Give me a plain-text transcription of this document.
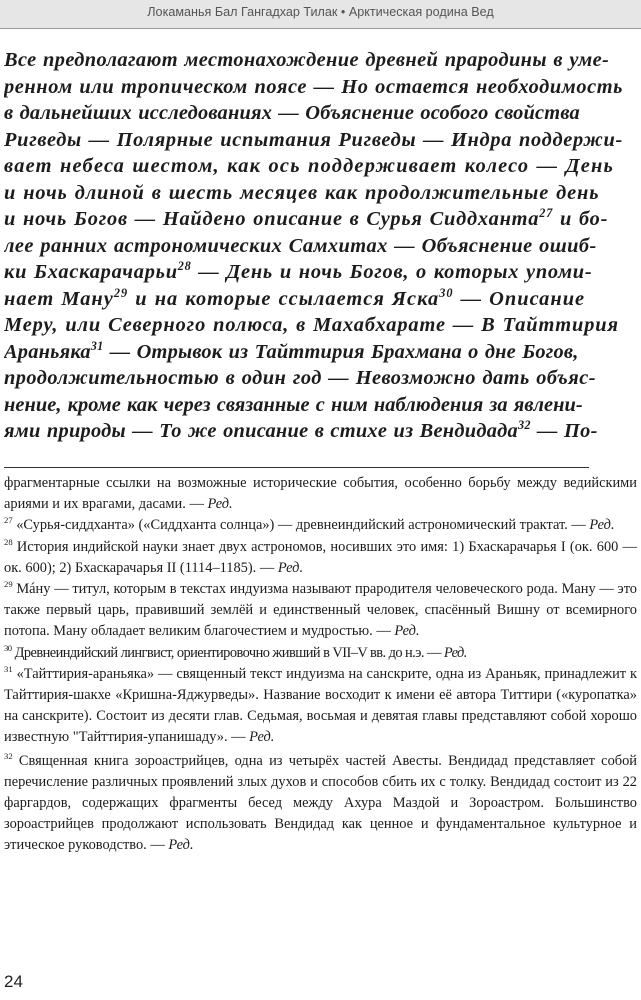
Локаманья Бал Гангадхар Тилак • Арктическая родина Вед
Все предполагают местонахождение древней прародины в уме-
ренном или тропическом поясе — Но остается необходимость
в дальнейших исследованиях — Объяснение особого свойства
Ригведы — Полярные испытания Ригведы — Индра поддержи-
вает небеса шестом, как ось поддерживает колесо — День
и ночь длиной в шесть месяцев как продолжительные день
и ночь Богов — Найдено описание в Сурья Сиддханта$^{27}$ и бо-
лее ранних астрономических Самхитах — Объяснение ошиб-
ки Бхаскарачарьи$^{28}$ — День и ночь Богов, о которых упоми-
нает Ману$^{29}$ и на которые ссылается Яска$^{30}$ — Описание
Меру, или Северного полюса, в Махабхарате — В Тайттирия
Араньяка$^{31}$ — Отрывок из Тайттирия Брахмана о дне Богов,
продолжительностью в один год — Невозможно дать объяс-
нение, кроме как через связанные с ним наблюдения за явлени-
ями природы — То же описание в стихе из Вендидада$^{32}$ — По-
фрагментарные ссылки на возможные исторические события, особенно борьбу между ведийскими ариями и их врагами, дасами. — Ред.
$^{27}$ «Сурья-сиддханта» («Сиддханта солнца») — древнеиндийский астрономический трактат. — Ред.
$^{28}$ История индийской науки знает двух астрономов, носивших это имя: 1) Бхаскарачарья I (ок. 600 — ок. 600); 2) Бхаскарачарья II (1114–1185). — Ред.
$^{29}$ Мáну — титул, которым в текстах индуизма называют прародителя человеческого рода. Ману — это также первый царь, правивший землёй и единственный человек, спасённый Вишну от всемирного потопа. Ману обладает великим благочестием и мудростью. — Ред.
$^{30}$ Древнеиндийский лингвист, ориентировочно живший в VII–V вв. до н.э. — Ред.
$^{31}$ «Тайттирия-араньяка» — священный текст индуизма на санскрите, одна из Араньяк, принадлежит к Тайттирия-шакхе «Кришна-Яджурведы». Название восходит к имени её автора Титтири («куропатка» на санскрите). Состоит из десяти глав. Седьмая, восьмая и девятая главы представляют собой хорошо известную "Тайттирия-упанишаду». — Ред.
$^{32}$ Священная книга зороастрийцев, одна из четырёх частей Авесты. Вендидад представляет собой перечисление различных проявлений злых духов и способов сбить их с толку. Вендидад состоит из 22 фаргардов, содержащих фрагменты бесед между Ахура Маздой и Зороастром. Большинство зороастрийцев продолжают использовать Вендидад как ценное и фундаментальное культурное и этическое руководство. — Ред.
24
